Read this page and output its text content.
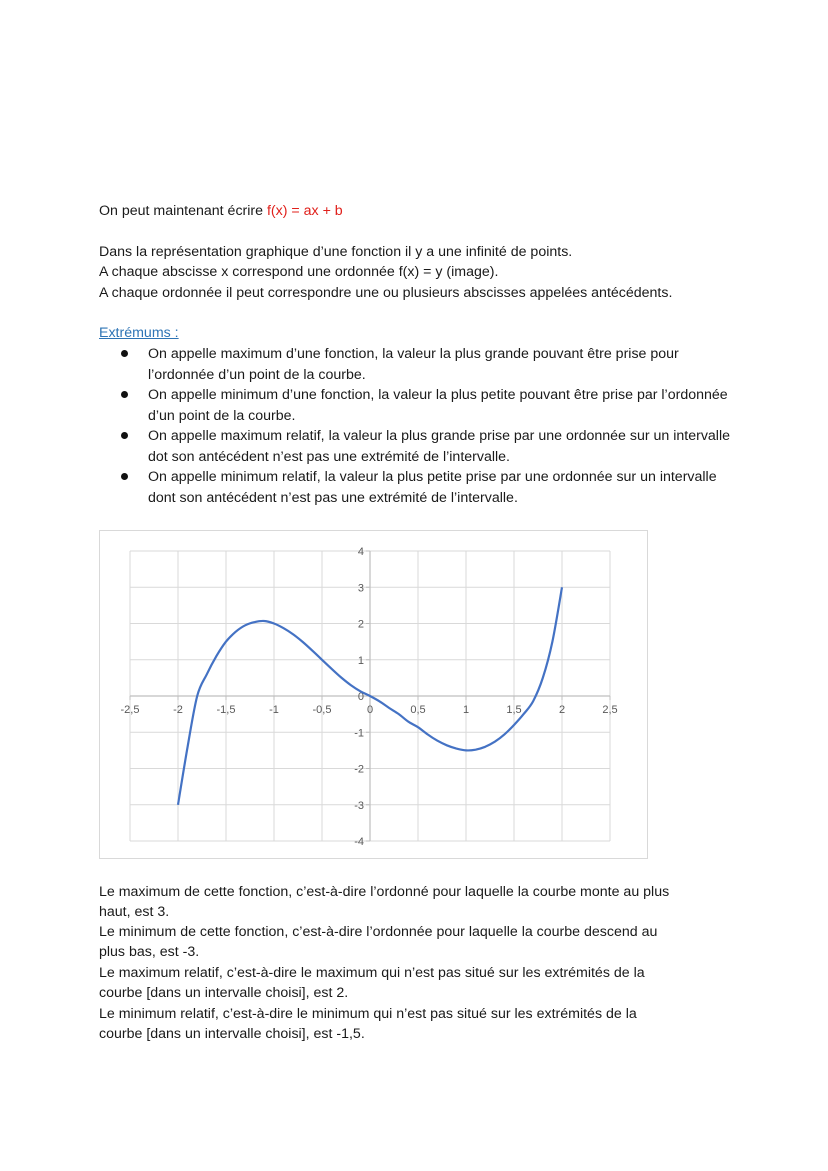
On peut maintenant écrire f(x) = ax + b
Dans la représentation graphique d’une fonction il y a une infinité de points.
A chaque abscisse x correspond une ordonnée f(x) = y (image).
A chaque ordonnée il peut correspondre une ou plusieurs abscisses appelées antécédents.
Extrémums :
On appelle maximum d’une fonction, la valeur la plus grande pouvant être prise pour l’ordonnée d’un point de la courbe.
On appelle minimum d’une fonction, la valeur la plus petite pouvant être prise par l’ordonnée d’un point de la courbe.
On appelle maximum relatif, la valeur la plus grande prise par une ordonnée sur un intervalle dot son antécédent n’est pas une extrémité de l’intervalle.
On appelle minimum relatif, la valeur la plus petite prise par une ordonnée sur un intervalle dont son antécédent n’est pas une extrémité de l’intervalle.
-2,5	-2	-1,5	-1	-0,5	0	0,5	1	1,5	2	2,5
4
3
2
1
0
-1
-2
-3
-4
Le maximum de cette fonction, c’est-à-dire l’ordonné pour laquelle la courbe monte au plus
haut, est 3.
Le minimum de cette fonction, c’est-à-dire l’ordonnée pour laquelle la courbe descend au
plus bas, est -3.
Le maximum relatif, c’est-à-dire le maximum qui n’est pas situé sur les extrémités de la
courbe [dans un intervalle choisi], est 2.
Le minimum relatif, c’est-à-dire le minimum qui n’est pas situé sur les extrémités de la
courbe [dans un intervalle choisi], est -1,5.
